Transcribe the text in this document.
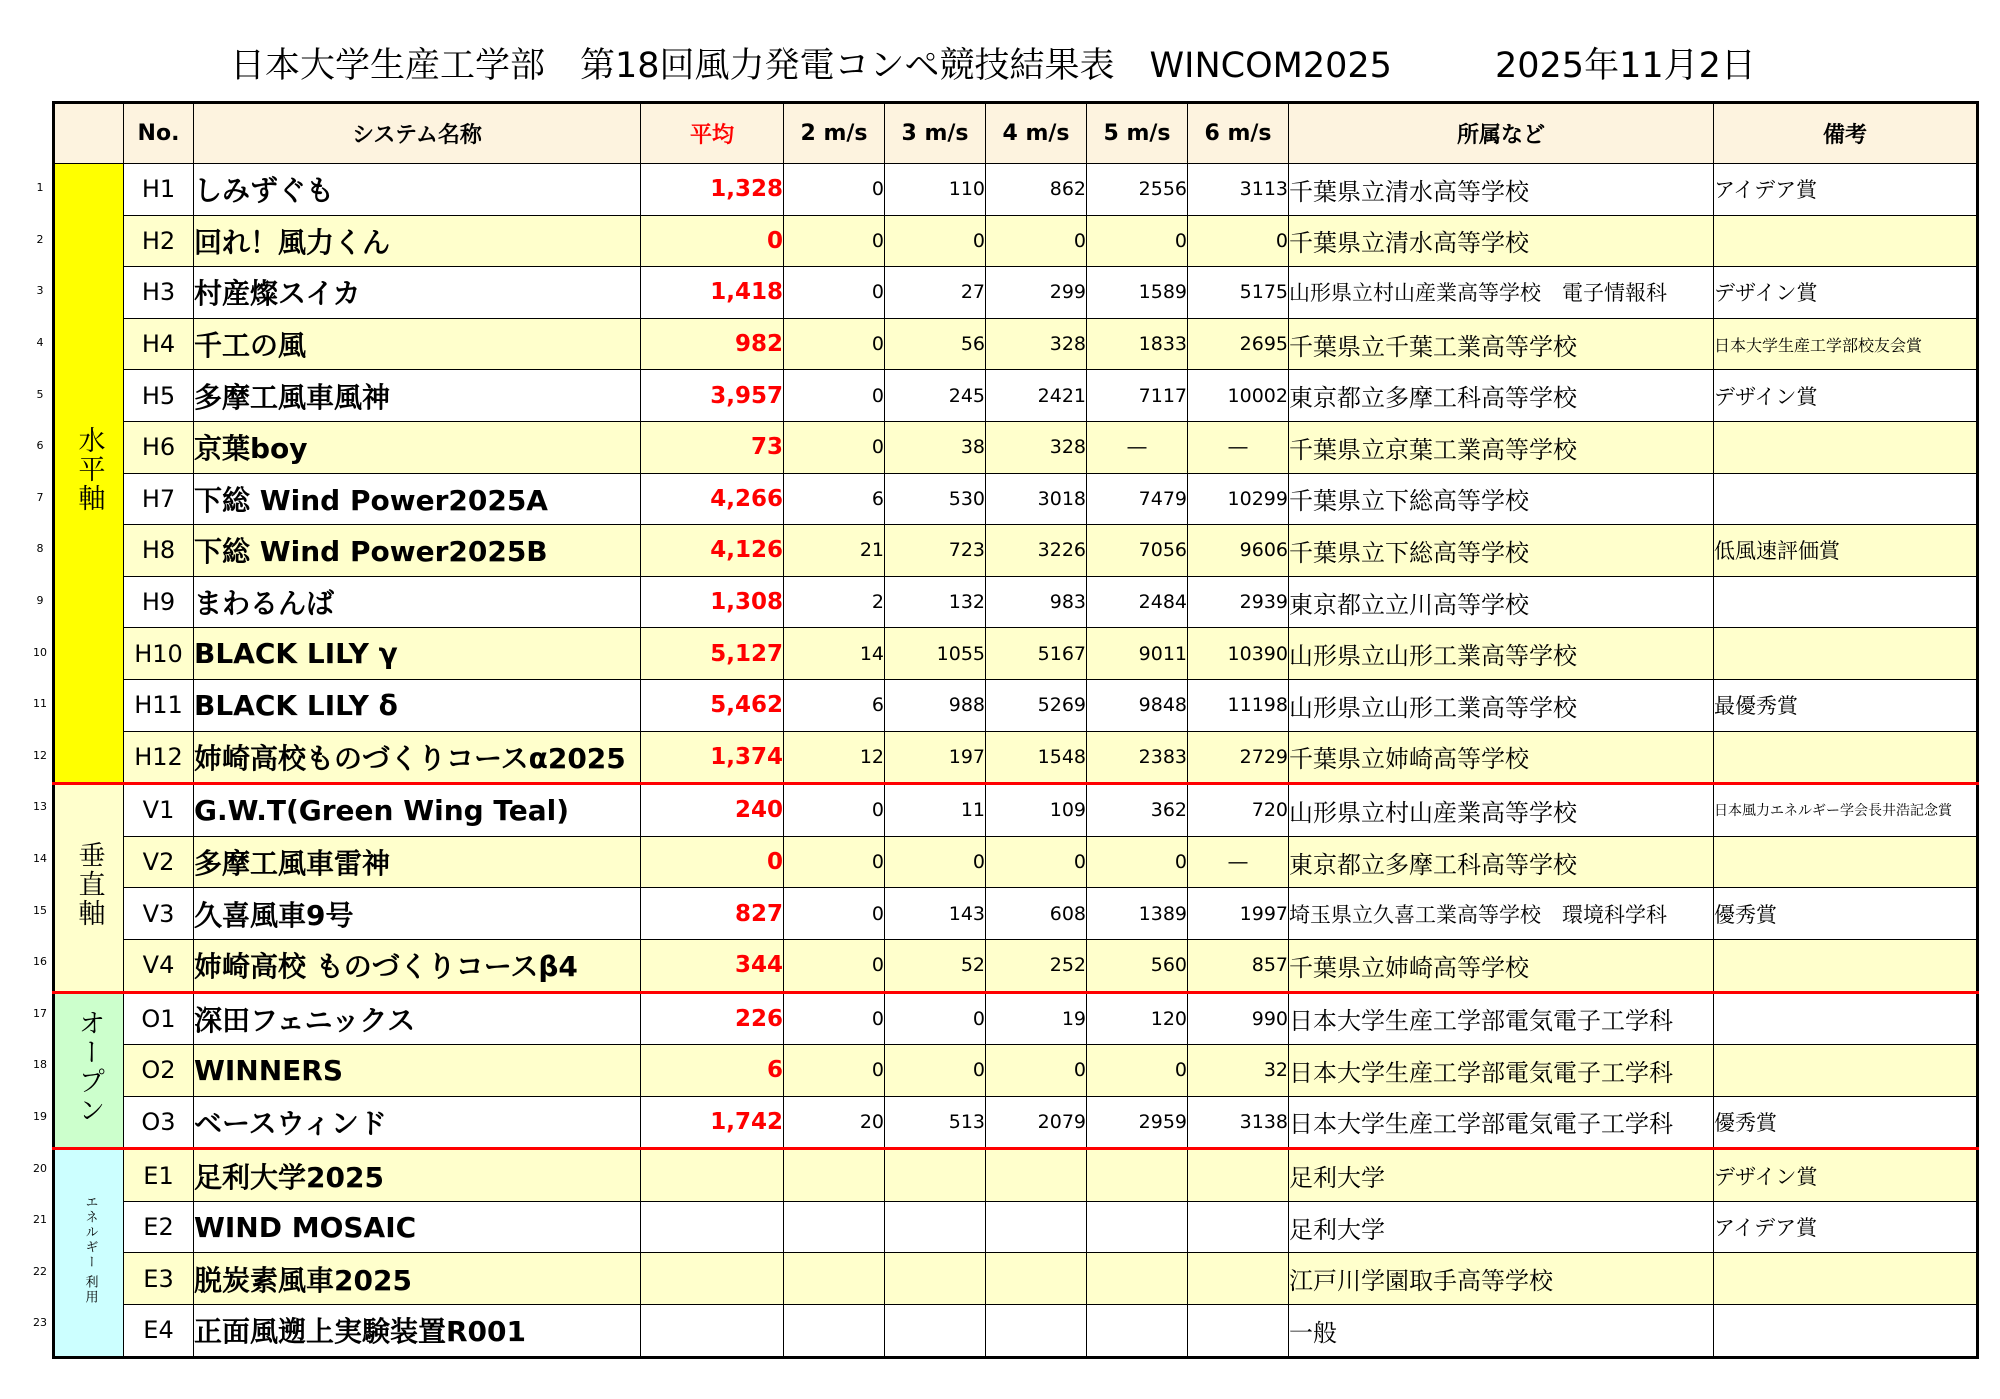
日本大学生産工学部　第18回風力発電コンペ競技結果表　WINCOM2025	2025年11月2日
1
2
3
4
5
6
7
8
9
10
11
12
13
14
15
16
17
18
19
20
21
22
23
	No.	システム名称	平均	2 m/s	3 m/s	4 m/s	5 m/s	6 m/s	所属など	備考
水平軸	H1	しみずぐも	1,328	0	110	862	2556	3113	千葉県立清水高等学校	アイデア賞
	H2	回れ！風力くん	0	0	0	0	0	0	千葉県立清水高等学校	
	H3	村産燦スイカ	1,418	0	27	299	1589	5175	山形県立村山産業高等学校　電子情報科	デザイン賞
	H4	千工の風	982	0	56	328	1833	2695	千葉県立千葉工業高等学校	日本大学生産工学部校友会賞
	H5	多摩工風車風神	3,957	0	245	2421	7117	10002	東京都立多摩工科高等学校	デザイン賞
	H6	京葉boy	73	0	38	328	―	―	千葉県立京葉工業高等学校	
	H7	下総 Wind Power2025A	4,266	6	530	3018	7479	10299	千葉県立下総高等学校	
	H8	下総 Wind Power2025B	4,126	21	723	3226	7056	9606	千葉県立下総高等学校	低風速評価賞
	H9	まわるんば	1,308	2	132	983	2484	2939	東京都立立川高等学校	
	H10	BLACK LILY γ	5,127	14	1055	5167	9011	10390	山形県立山形工業高等学校	
	H11	BLACK LILY δ	5,462	6	988	5269	9848	11198	山形県立山形工業高等学校	最優秀賞
	H12	姉崎高校ものづくりコースα2025	1,374	12	197	1548	2383	2729	千葉県立姉崎高等学校	
垂直軸	V1	G.W.T(Green Wing Teal)	240	0	11	109	362	720	山形県立村山産業高等学校	日本風力エネルギー学会長井浩記念賞
	V2	多摩工風車雷神	0	0	0	0	0	―	東京都立多摩工科高等学校	
	V3	久喜風車9号	827	0	143	608	1389	1997	埼玉県立久喜工業高等学校　環境科学科	優秀賞
	V4	姉崎高校 ものづくりコースβ4	344	0	52	252	560	857	千葉県立姉崎高等学校	
オープン	O1	深田フェニックス	226	0	0	19	120	990	日本大学生産工学部電気電子工学科	
	O2	WINNERS	6	0	0	0	0	32	日本大学生産工学部電気電子工学科	
	O3	ベースウィンド	1,742	20	513	2079	2959	3138	日本大学生産工学部電気電子工学科	優秀賞
エネルギー
利用	E1	足利大学2025							足利大学	デザイン賞
	E2	WIND MOSAIC							足利大学	アイデア賞
	E3	脱炭素風車2025							江戸川学園取手高等学校	
	E4	正面風遡上実験装置R001							一般	
